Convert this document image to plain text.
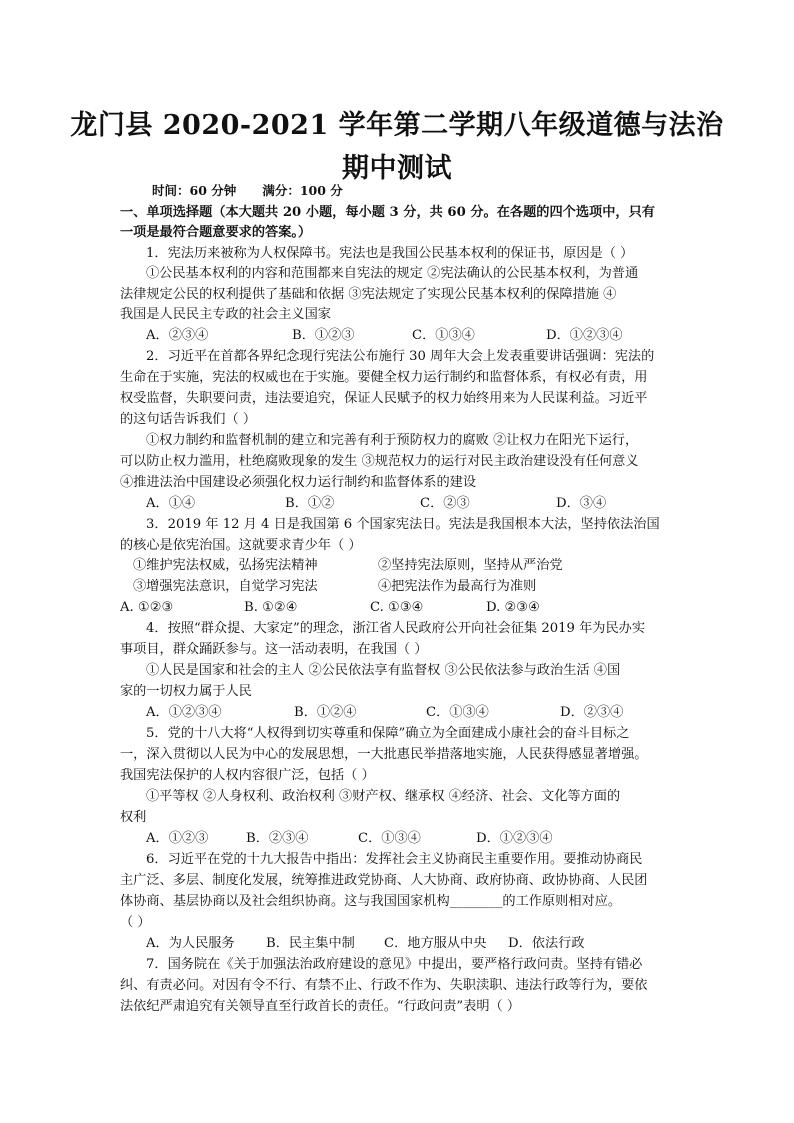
龙门县 2020-2021 学年第二学期八年级道德与法治
期中测试
时间：60 分钟      满分：100 分
一、单项选择题（本大题共 20 小题，每小题 3 分，共 60 分。在各题的四个选项中，只有
一项是最符合题意要求的答案。）
1．宪法历来被称为人权保障书。宪法也是我国公民基本权利的保证书，原因是（ ）
①公民基本权利的内容和范围都来自宪法的规定 ②宪法确认的公民基本权利，为普通
法律规定公民的权利提供了基础和依据 ③宪法规定了实现公民基本权利的保障措施 ④
我国是人民民主专政的社会主义国家
A．②③④	B．①②③	C．①③④	D．①②③④
2．习近平在首都各界纪念现行宪法公布施行 30 周年大会上发表重要讲话强调：宪法的
生命在于实施，宪法的权威也在于实施。要健全权力运行制约和监督体系，有权必有责，用
权受监督，失职要问责，违法要追究，保证人民赋予的权力始终用来为人民谋利益。习近平
的这句话告诉我们（ ）
①权力制约和监督机制的建立和完善有利于预防权力的腐败 ②让权力在阳光下运行，
可以防止权力滥用，杜绝腐败现象的发生 ③规范权力的运行对民主政治建设没有任何意义
④推进法治中国建设必须强化权力运行制约和监督体系的建设
A．①④	B．①②	C．②③	D．③④
3．2019 年 12 月 4 日是我国第 6 个国家宪法日。宪法是我国根本大法，坚持依法治国
的核心是依宪治国。这就要求青少年（ ）
①维护宪法权威，弘扬宪法精神	②坚持宪法原则，坚持从严治党
③增强宪法意识，自觉学习宪法	④把宪法作为最高行为准则
A. ①②③	B. ①②④	C. ①③④	D. ②③④
4．按照“群众提、大家定”的理念，浙江省人民政府公开向社会征集 2019 年为民办实
事项目，群众踊跃参与。这一活动表明，在我国（ ）
①人民是国家和社会的主人 ②公民依法享有监督权 ③公民依法参与政治生活 ④国
家的一切权力属于人民
A．①②③④	B．①②④	C．①③④	D．②③④
5．党的十八大将“人权得到切实尊重和保障”确立为全面建成小康社会的奋斗目标之
一，深入贯彻以人民为中心的发展思想，一大批惠民举措落地实施，人民获得感显著增强。
我国宪法保护的人权内容很广泛，包括（ ）
①平等权 ②人身权利、政治权利 ③财产权、继承权 ④经济、社会、文化等方面的
权利
A．①②③	B．②③④	C．①③④	D．①②③④
6．习近平在党的十九大报告中指出：发挥社会主义协商民主重要作用。要推动协商民
主广泛、多层、制度化发展，统筹推进政党协商、人大协商、政府协商、政协协商、人民团
体协商、基层协商以及社会组织协商。这与我国国家机构________的工作原则相对应。
（ ）
A．为人民服务 B．民主集中制 C．地方服从中央 D．依法行政
7．国务院在《关于加强法治政府建设的意见》中提出，要严格行政问责。坚持有错必
纠、有责必问。对因有令不行、有禁不止、行政不作为、失职渎职、违法行政等行为，要依
法依纪严肃追究有关领导直至行政首长的责任。“行政问责”表明（ ）
